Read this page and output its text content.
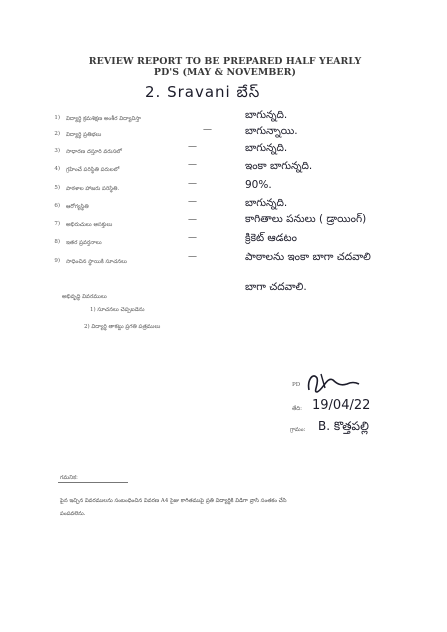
REVIEW REPORT TO BE PREPARED HALF YEARLY
PD'S (MAY & NOVEMBER)
2. Sravani బేస్
1) విద్యార్థి క్రమశిక్షణ అంశీర విద్యావిస్తా	బాగున్నది.
2) విద్యార్థి ప్రతిభలు	—	బాగున్నాయి.
3) సాధారణ దస్తూరి వరుసలో	—	బాగున్నది.
4) గ్రహించే పరిస్థితి పరులలో	—	ఇంకా బాగున్నది.
5) పాఠశాల హాజరు పరిస్థితి.	—	90%.
6) ఆరోగ్యస్థితి	—	బాగున్నది.
7) అభిరుచులు ఆసక్తులు	—	కాగితాలు పనులు ( డ్రాయింగ్)
8) ఇతర ప్రవర్తనాలు	—	క్రికెట్ ఆడటం
9) సాధించిన స్థాయికి సూచనలు	—	పాఠాలను ఇంకా బాగా చదవాలి
బాగా చదవాలి.
అభివృద్ధి వివరములు
1) సూచనలు చెప్పబడెను
2) విద్యార్థి తాకట్టు ప్రగతి పత్రములు
PD
తేది: 19/04/22
గ్రామం: B. కొత్తపల్లి
గమనిక:
పైన ఇచ్చిన వివరములను సంబంధించిన వివరణ A4 సైజు కాగితముపై ప్రతి విద్యార్థికి విడిగా వ్రాసి సంతకం చేసి
పంపవలెను.
